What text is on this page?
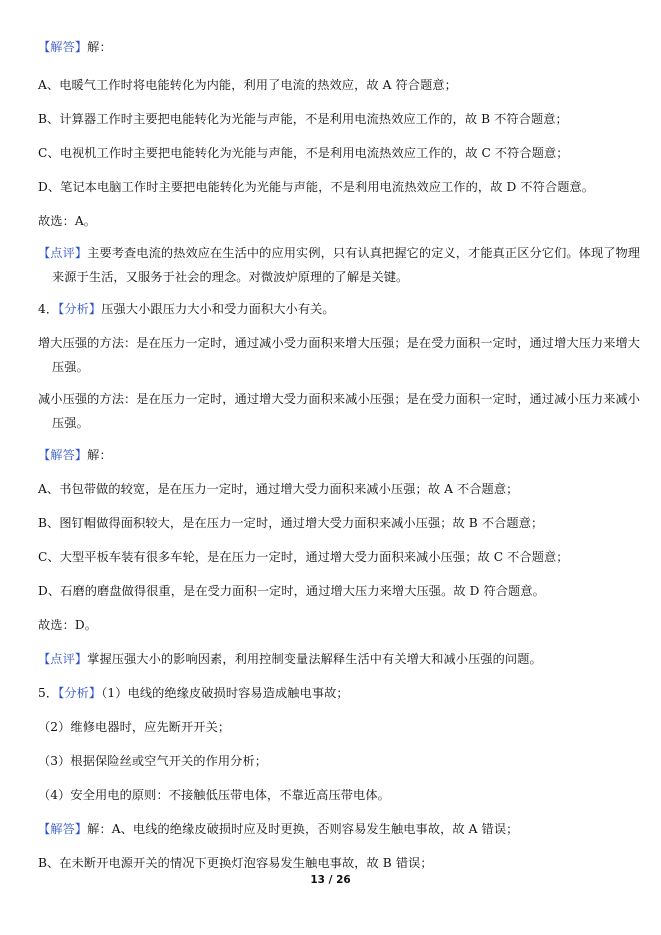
【解答】解：
A、电暖气工作时将电能转化为内能，利用了电流的热效应，故 A 符合题意；
B、计算器工作时主要把电能转化为光能与声能，不是利用电流热效应工作的，故 B 不符合题意；
C、电视机工作时主要把电能转化为光能与声能，不是利用电流热效应工作的，故 C 不符合题意；
D、笔记本电脑工作时主要把电能转化为光能与声能，不是利用电流热效应工作的，故 D 不符合题意。
故选：A。
【点评】主要考查电流的热效应在生活中的应用实例，只有认真把握它的定义，才能真正区分它们。体现了物理
来源于生活，又服务于社会的理念。对微波炉原理的了解是关键。
4．【分析】压强大小跟压力大小和受力面积大小有关。
增大压强的方法：是在压力一定时，通过减小受力面积来增大压强；是在受力面积一定时，通过增大压力来增大
压强。
减小压强的方法：是在压力一定时，通过增大受力面积来减小压强；是在受力面积一定时，通过减小压力来减小
压强。
【解答】解：
A、书包带做的较宽，是在压力一定时，通过增大受力面积来减小压强；故 A 不合题意；
B、图钉帽做得面积较大，是在压力一定时，通过增大受力面积来减小压强；故 B 不合题意；
C、大型平板车装有很多车轮，是在压力一定时，通过增大受力面积来减小压强；故 C 不合题意；
D、石磨的磨盘做得很重，是在受力面积一定时，通过增大压力来增大压强。故 D 符合题意。
故选：D。
【点评】掌握压强大小的影响因素，利用控制变量法解释生活中有关增大和减小压强的问题。
5．【分析】（1）电线的绝缘皮破损时容易造成触电事故；
（2）维修电器时，应先断开开关；
（3）根据保险丝或空气开关的作用分析；
（4）安全用电的原则：不接触低压带电体，不靠近高压带电体。
【解答】解：A、电线的绝缘皮破损时应及时更换，否则容易发生触电事故，故 A 错误；
B、在未断开电源开关的情况下更换灯泡容易发生触电事故，故 B 错误；
13 / 26
